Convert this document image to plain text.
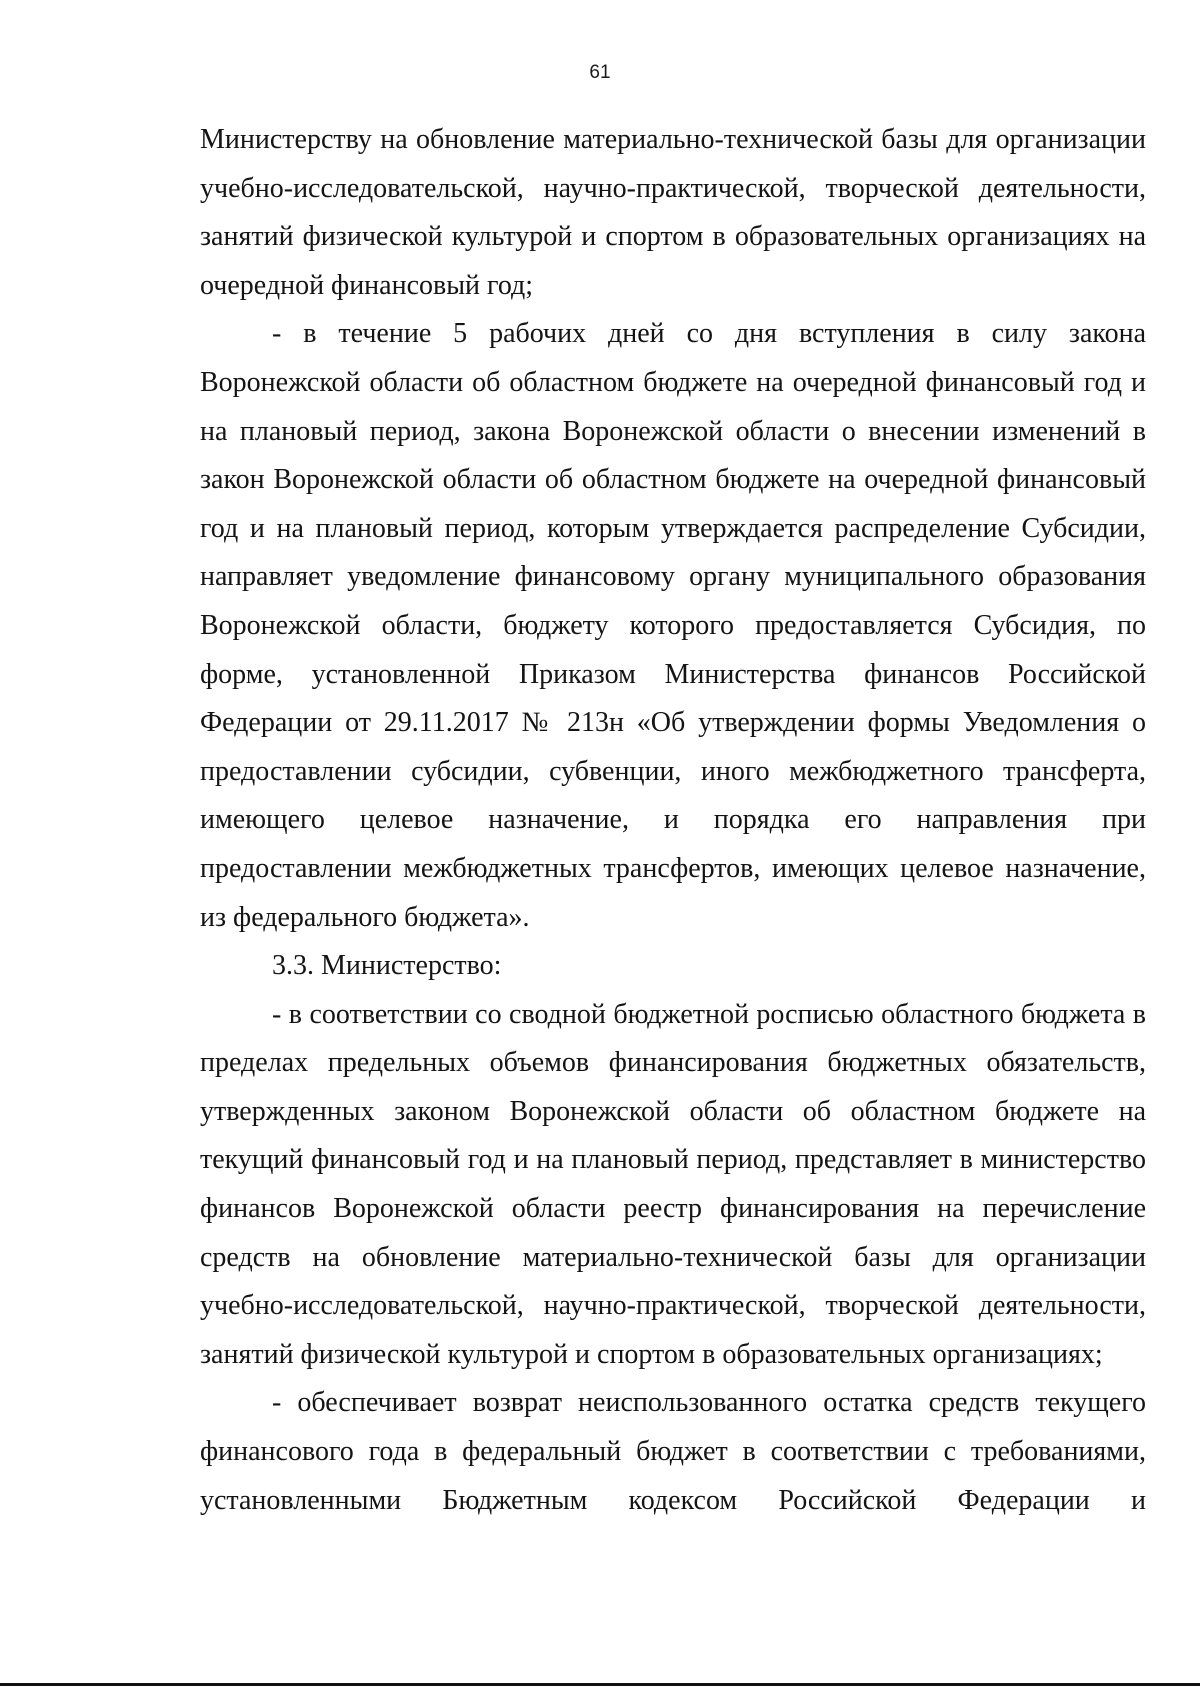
61

Министерству на обновление материально-технической базы для организации учебно-исследовательской, научно-практической, творческой деятельности, занятий физической культурой и спортом в образовательных организациях на очередной финансовый год;

- в течение 5 рабочих дней со дня вступления в силу закона Воронежской области об областном бюджете на очередной финансовый год и на плановый период, закона Воронежской области о внесении изменений в закон Воронежской области об областном бюджете на очередной финансовый год и на плановый период, которым утверждается распределение Субсидии, направляет уведомление финансовому органу муниципального образования Воронежской области, бюджету которого предоставляется Субсидия, по форме, установленной Приказом Министерства финансов Российской Федерации от 29.11.2017 № 213н «Об утверждении формы Уведомления о предоставлении субсидии, субвенции, иного межбюджетного трансферта, имеющего целевое назначение, и порядка его направления при предоставлении межбюджетных трансфертов, имеющих целевое назначение, из федерального бюджета».

3.3. Министерство:

- в соответствии со сводной бюджетной росписью областного бюджета в пределах предельных объемов финансирования бюджетных обязательств, утвержденных законом Воронежской области об областном бюджете на текущий финансовый год и на плановый период, представляет в министерство финансов Воронежской области реестр финансирования на перечисление средств на обновление материально-технической базы для организации учебно-исследовательской, научно-практической, творческой деятельности, занятий физической культурой и спортом в образовательных организациях;

- обеспечивает возврат неиспользованного остатка средств текущего финансового года в федеральный бюджет в соответствии с требованиями, установленными Бюджетным кодексом Российской Федерации и
